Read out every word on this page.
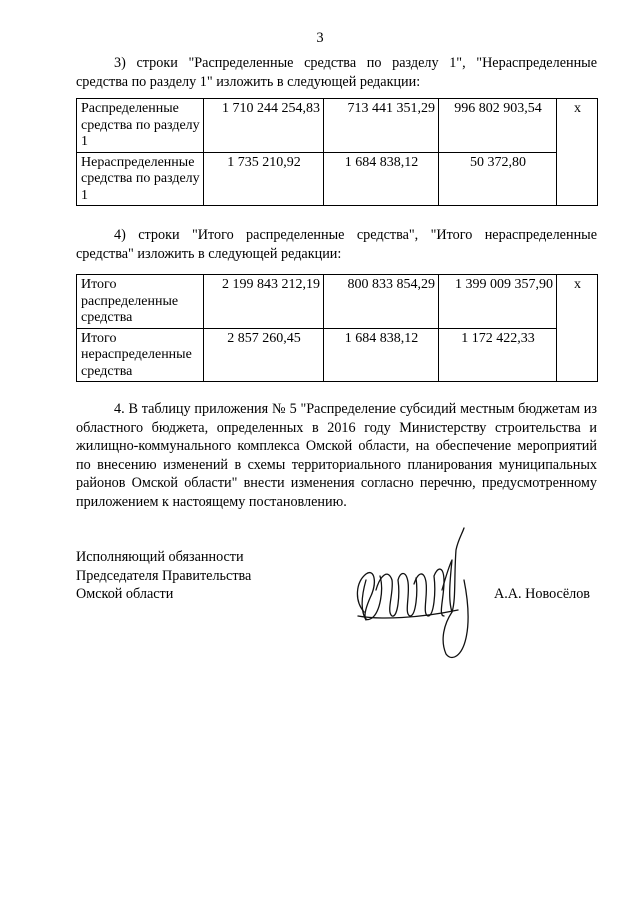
3

3) строки "Распределенные средства по разделу 1", "Нераспределенные средства по разделу 1" изложить в следующей редакции:

Распределенные средства по разделу 1	1 710 244 254,83	713 441 351,29	996 802 903,54	х
Нераспределенные средства по разделу 1	1 735 210,92	1 684 838,12	50 372,80	

4) строки "Итого распределенные средства", "Итого нераспределенные средства" изложить в следующей редакции:

Итого распределенные средства	2 199 843 212,19	800 833 854,29	1 399 009 357,90	х
Итого нераспределенные средства	2 857 260,45	1 684 838,12	1 172 422,33	

4. В таблицу приложения № 5 "Распределение субсидий местным бюджетам из областного бюджета, определенных в 2016 году Министерству строительства и жилищно-коммунального комплекса Омской области, на обеспечение мероприятий по внесению изменений в схемы территориального планирования муниципальных районов Омской области" внести изменения согласно перечню, предусмотренному приложением к настоящему постановлению.

Исполняющий обязанности
Председателя Правительства
Омской области	А.А. Новосёлов
